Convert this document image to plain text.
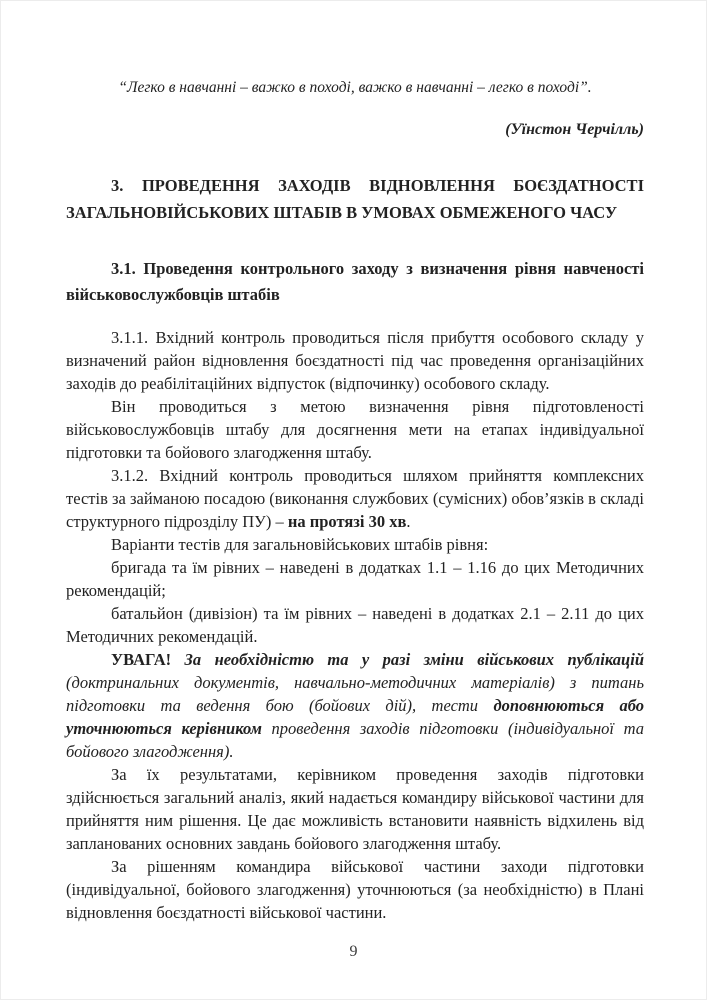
“Легко в навчанні – важко в поході, важко в навчанні – легко в поході”.
(Уїнстон Черчілль)
3. ПРОВЕДЕННЯ ЗАХОДІВ ВІДНОВЛЕННЯ БОЄЗДАТНОСТІ ЗАГАЛЬНОВІЙСЬКОВИХ ШТАБІВ В УМОВАХ ОБМЕЖЕНОГО ЧАСУ
3.1. Проведення контрольного заходу з визначення рівня навченості військовослужбовців штабів

3.1.1. Вхідний контроль проводиться після прибуття особового складу у визначений район відновлення боєздатності під час проведення організаційних заходів до реабілітаційних відпусток (відпочинку) особового складу.

Він проводиться з метою визначення рівня підготовленості військовослужбовців штабу для досягнення мети на етапах індивідуальної підготовки та бойового злагодження штабу.

3.1.2. Вхідний контроль проводиться шляхом прийняття комплексних тестів за займаною посадою (виконання службових (сумісних) обов’язків в складі структурного підрозділу ПУ) – на протязі 30 хв.

Варіанти тестів для загальновійськових штабів рівня:

бригада та їм рівних – наведені в додатках 1.1 – 1.16 до цих Методичних рекомендацій;

батальйон (дивізіон) та їм рівних – наведені в додатках 2.1 – 2.11 до цих Методичних рекомендацій.

УВАГА! За необхідністю та у разі зміни військових публікацій (доктринальних документів, навчально-методичних матеріалів) з питань підготовки та ведення бою (бойових дій), тести доповнюються або уточнюються керівником проведення заходів підготовки (індивідуальної та бойового злагодження).

За їх результатами, керівником проведення заходів підготовки здійснюється загальний аналіз, який надається командиру військової частини для прийняття ним рішення. Це дає можливість встановити наявність відхилень від запланованих основних завдань бойового злагодження штабу.

За рішенням командира військової частини заходи підготовки (індивідуальної, бойового злагодження) уточнюються (за необхідністю) в Плані відновлення боєздатності військової частини.

9
